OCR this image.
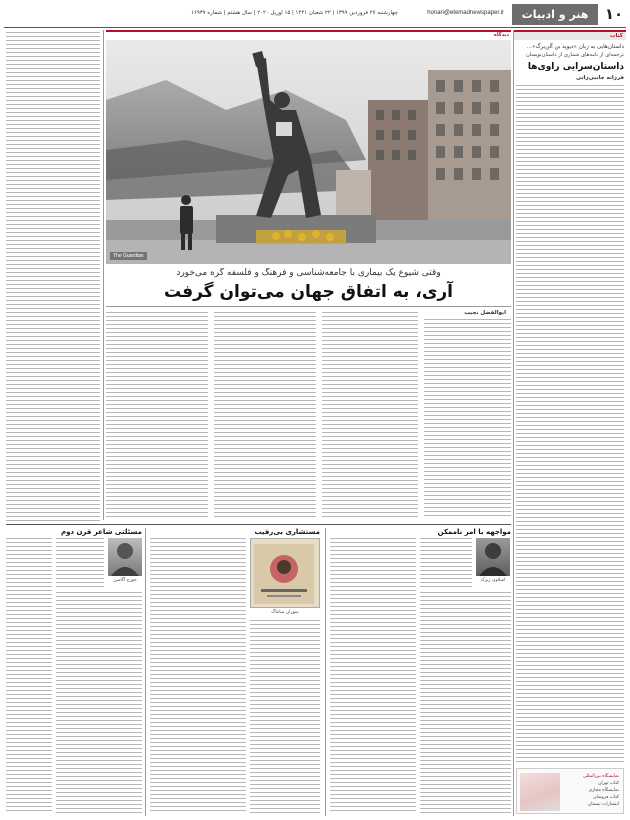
۱۰
هنر و ادبیات
honari@etemadnewspaper.ir
چهارشنبه ۲۷ فروردین ۱۳۹۹ | ۲۲ شعبان ۱۴۴۱ | ۱۵ آوریل ۲۰۲۰ | سال هشتم | شماره ۱۶۹۳۷
کتاب
داستان‌هایی به زبان «دیوید بن آلن‌برگ»...
ترجمه‌ای از نامه‌های شماری از داستان‌نویسان
داستان‌سرایی راوی‌ها
فرزانه جانبی‌زاتی
نمایشگاه بین‌المللی
کتاب تهران
نمایشگاه مجازی
کتاب فروشان
انتشارات نیستان
دیدگاه
The Guardian
وقتی شیوع یک بیماری با جامعه‌شناسی و فرهنگ و فلسفه گره می‌خورد
آری، به اتفاق جهان می‌توان گرفت
ابوالفضل نجیب
مواجهه با امر ناممکن
اسلاوی ژیژک
مستشاری بی‌رقیب
سوزان سانتاگ
مسئلتی شاعر قرن دوم
جورج آگامبن
